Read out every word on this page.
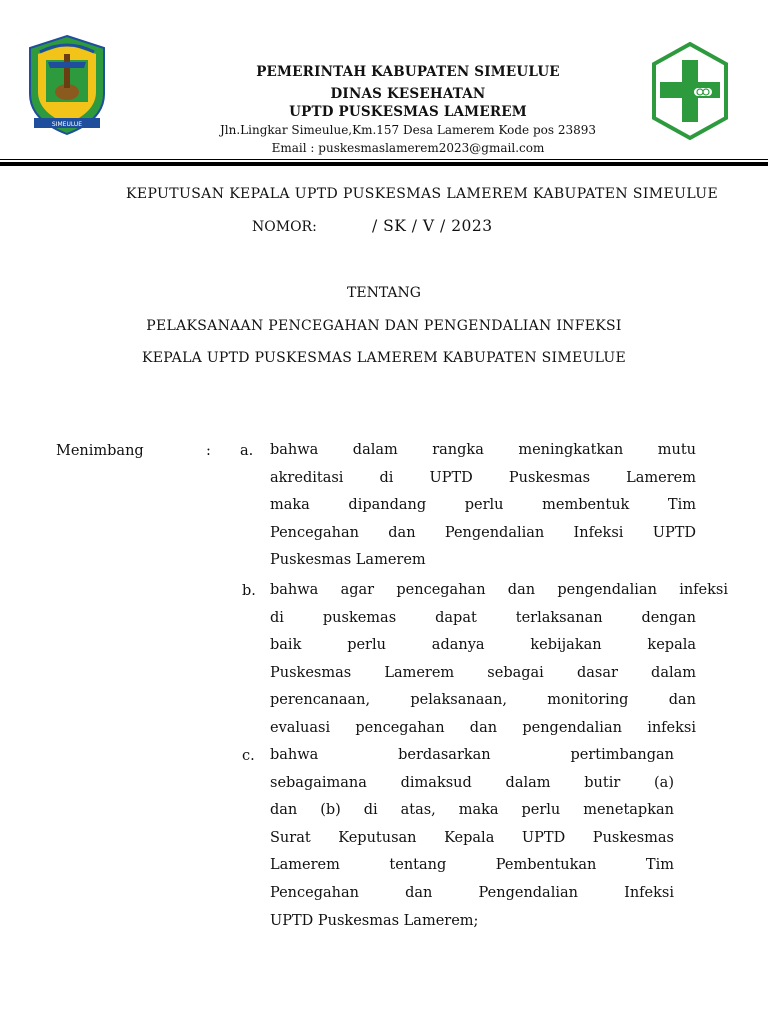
SIMEULUE
PEMERINTAH KABUPATEN SIMEULUE
DINAS KESEHATAN
UPTD PUSKESMAS LAMEREM
Jln.Lingkar Simeulue,Km.157 Desa Lamerem Kode pos 23893
Email : puskesmaslamerem2023@gmail.com
KEPUTUSAN KEPALA UPTD PUSKESMAS LAMEREM KABUPATEN SIMEULUE
NOMOR:	/ SK / V / 2023
TENTANG
PELAKSANAAN PENCEGAHAN DAN PENGENDALIAN INFEKSI
KEPALA UPTD PUSKESMAS LAMEREM KABUPATEN SIMEULUE
Menimbang	: a. bahwa dalam rangka meningkatkan mutu
akreditasi di UPTD Puskesmas Lamerem
maka dipandang perlu membentuk Tim
Pencegahan dan Pengendalian Infeksi UPTD
Puskesmas Lamerem
b. bahwa agar pencegahan dan pengendalian infeksi
di puskemas dapat terlaksanan dengan
baik perlu adanya kebijakan kepala
Puskesmas Lamerem sebagai dasar dalam
perencanaan, pelaksanaan, monitoring dan
evaluasi pencegahan dan pengendalian infeksi
c. bahwa berdasarkan pertimbangan
sebagaimana dimaksud dalam butir (a)
dan (b) di atas, maka perlu menetapkan
Surat Keputusan Kepala UPTD Puskesmas
Lamerem tentang Pembentukan Tim
Pencegahan dan Pengendalian Infeksi
UPTD Puskesmas Lamerem;
